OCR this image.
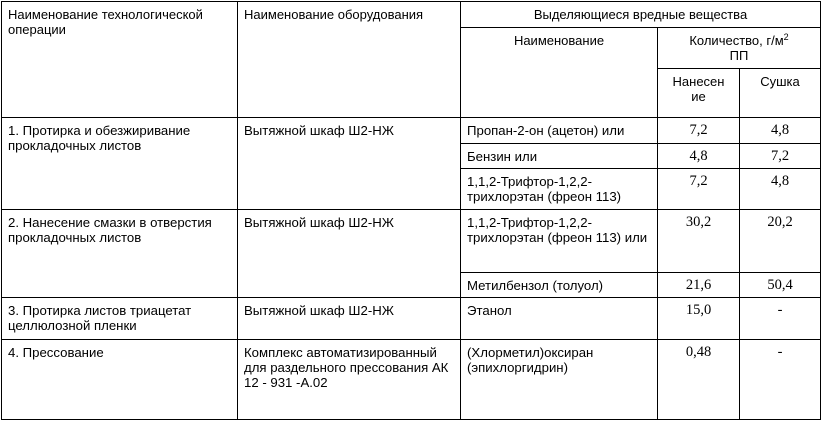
Наименование технологической операции	Наименование оборудования	Выделяющиеся вредные вещества		
		Наименование	Количество, $г/м^2$
ПП	
			Нанесен ие	Сушка
1. Протирка и обезжиривание прокладочных листов	Вытяжной шкаф Ш2-НЖ	Пропан-2-он (ацетон) или	7,2	4,8
		Бензин или	4,8	7,2
		1,1,2-Трифтор-1,2,2-трихлорэтан (фреон 113)	7,2	4,8
2. Нанесение смазки в отверстия прокладочных листов	Вытяжной шкаф Ш2-НЖ	1,1,2-Трифтор-1,2,2-трихлорэтан (фреон 113) или	30,2	20,2
		Метилбензол (толуол)	21,6	50,4
3. Протирка листов триацетат целлюлозной пленки	Вытяжной шкаф Ш2-НЖ	Этанол	15,0	-
4. Прессование	Комплекс автоматизированный для раздельного прессования АК 12 - 931 -А.02	(Хлорметил)оксиран (эпихлоргидрин)	0,48	-
